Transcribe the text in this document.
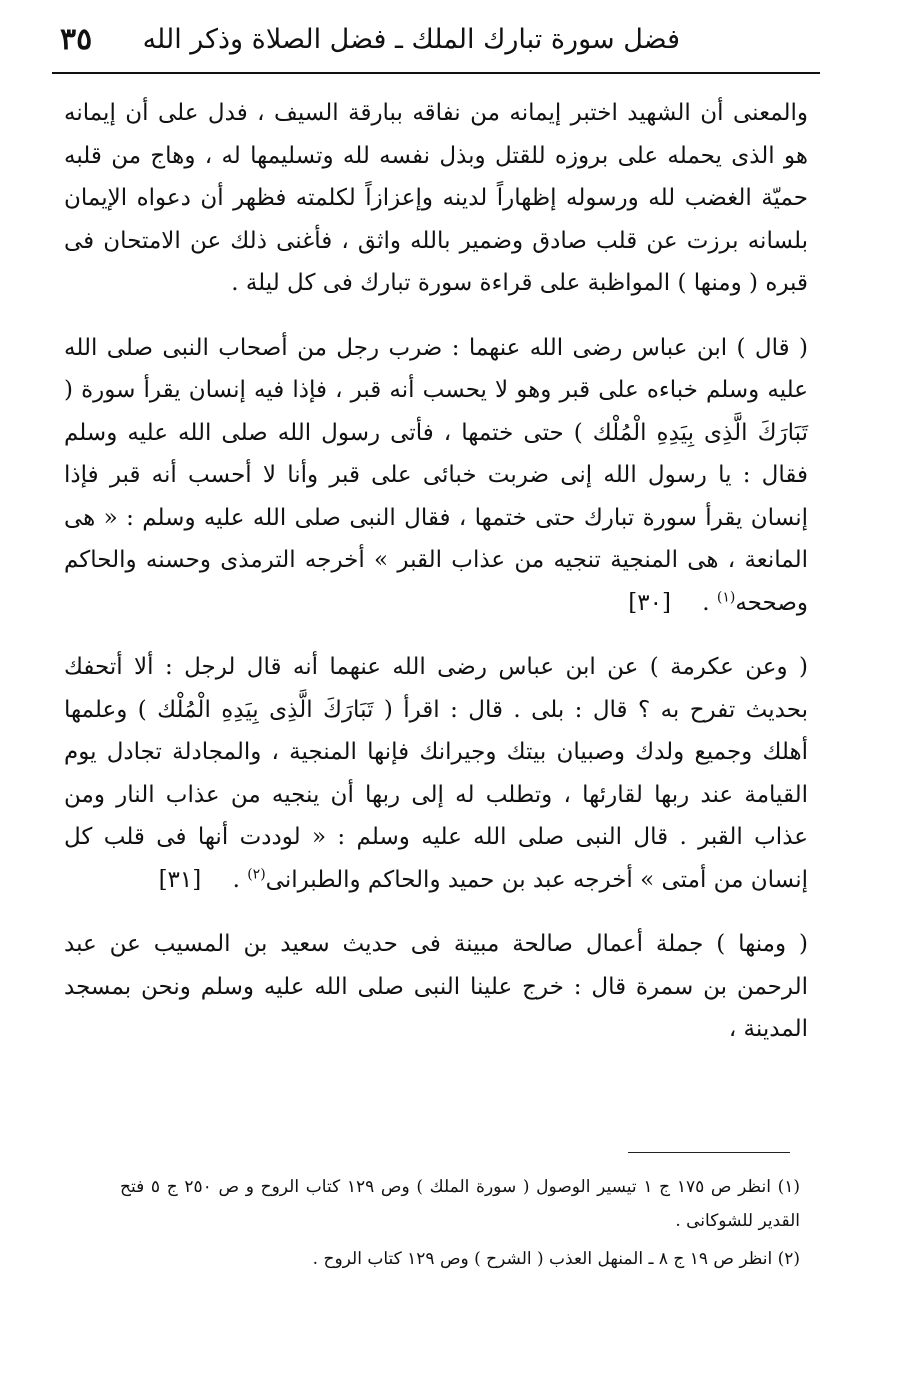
فضل سورة تبارك الملك ـ فضل الصلاة وذكر الله
٣٥

والمعنى أن الشهيد اختبر إيمانه من نفاقه ببارقة السيف ، فدل على أن إيمانه هو الذى يحمله على بروزه للقتل وبذل نفسه لله وتسليمها له ، وهاج من قلبه حميّة الغضب لله ورسوله إظهاراً لدينه وإعزازاً لكلمته فظهر أن دعواه الإيمان بلسانه برزت عن قلب صادق وضمير بالله واثق ، فأغنى ذلك عن الامتحان فى قبره ( ومنها ) المواظبة على قراءة سورة تبارك فى كل ليلة .

( قال ) ابن عباس رضى الله عنهما : ضرب رجل من أصحاب النبى صلى الله عليه وسلم خباءه على قبر وهو لا يحسب أنه قبر ، فإذا فيه إنسان يقرأ سورة ( تَبَارَكَ الَّذِى بِيَدِهِ الْمُلْك ) حتى ختمها ، فأتى رسول الله صلى الله عليه وسلم فقال : يا رسول الله إنى ضربت خبائى على قبر وأنا لا أحسب أنه قبر فإذا إنسان يقرأ سورة تبارك حتى ختمها ، فقال النبى صلى الله عليه وسلم : « هى المانعة ، هى المنجية تنجيه من عذاب القبر » أخرجه الترمذى وحسنه والحاكم وصححه$^{(١)}$ . [٣٠]

( وعن عكرمة ) عن ابن عباس رضى الله عنهما أنه قال لرجل : ألا أتحفك بحديث تفرح به ؟ قال : بلى . قال : اقرأ ( تَبَارَكَ الَّذِى بِيَدِهِ الْمُلْك ) وعلمها أهلك وجميع ولدك وصبيان بيتك وجيرانك فإنها المنجية ، والمجادلة تجادل يوم القيامة عند ربها لقارئها ، وتطلب له إلى ربها أن ينجيه من عذاب النار ومن عذاب القبر . قال النبى صلى الله عليه وسلم : « لوددت أنها فى قلب كل إنسان من أمتى » أخرجه عبد بن حميد والحاكم والطبرانى$^{(٢)}$ . [٣١]

( ومنها ) جملة أعمال صالحة مبينة فى حديث سعيد بن المسيب عن عبد الرحمن بن سمرة قال : خرج علينا النبى صلى الله عليه وسلم ونحن بمسجد المدينة ،

(١) انظر ص ١٧٥ ج ١ تيسير الوصول ( سورة الملك ) وص ١٢٩ كتاب الروح و ص ٢٥٠ ج ٥ فتح القدير للشوكانى .

(٢) انظر ص ١٩ ج ٨ ـ المنهل العذب ( الشرح ) وص ١٢٩ كتاب الروح .
